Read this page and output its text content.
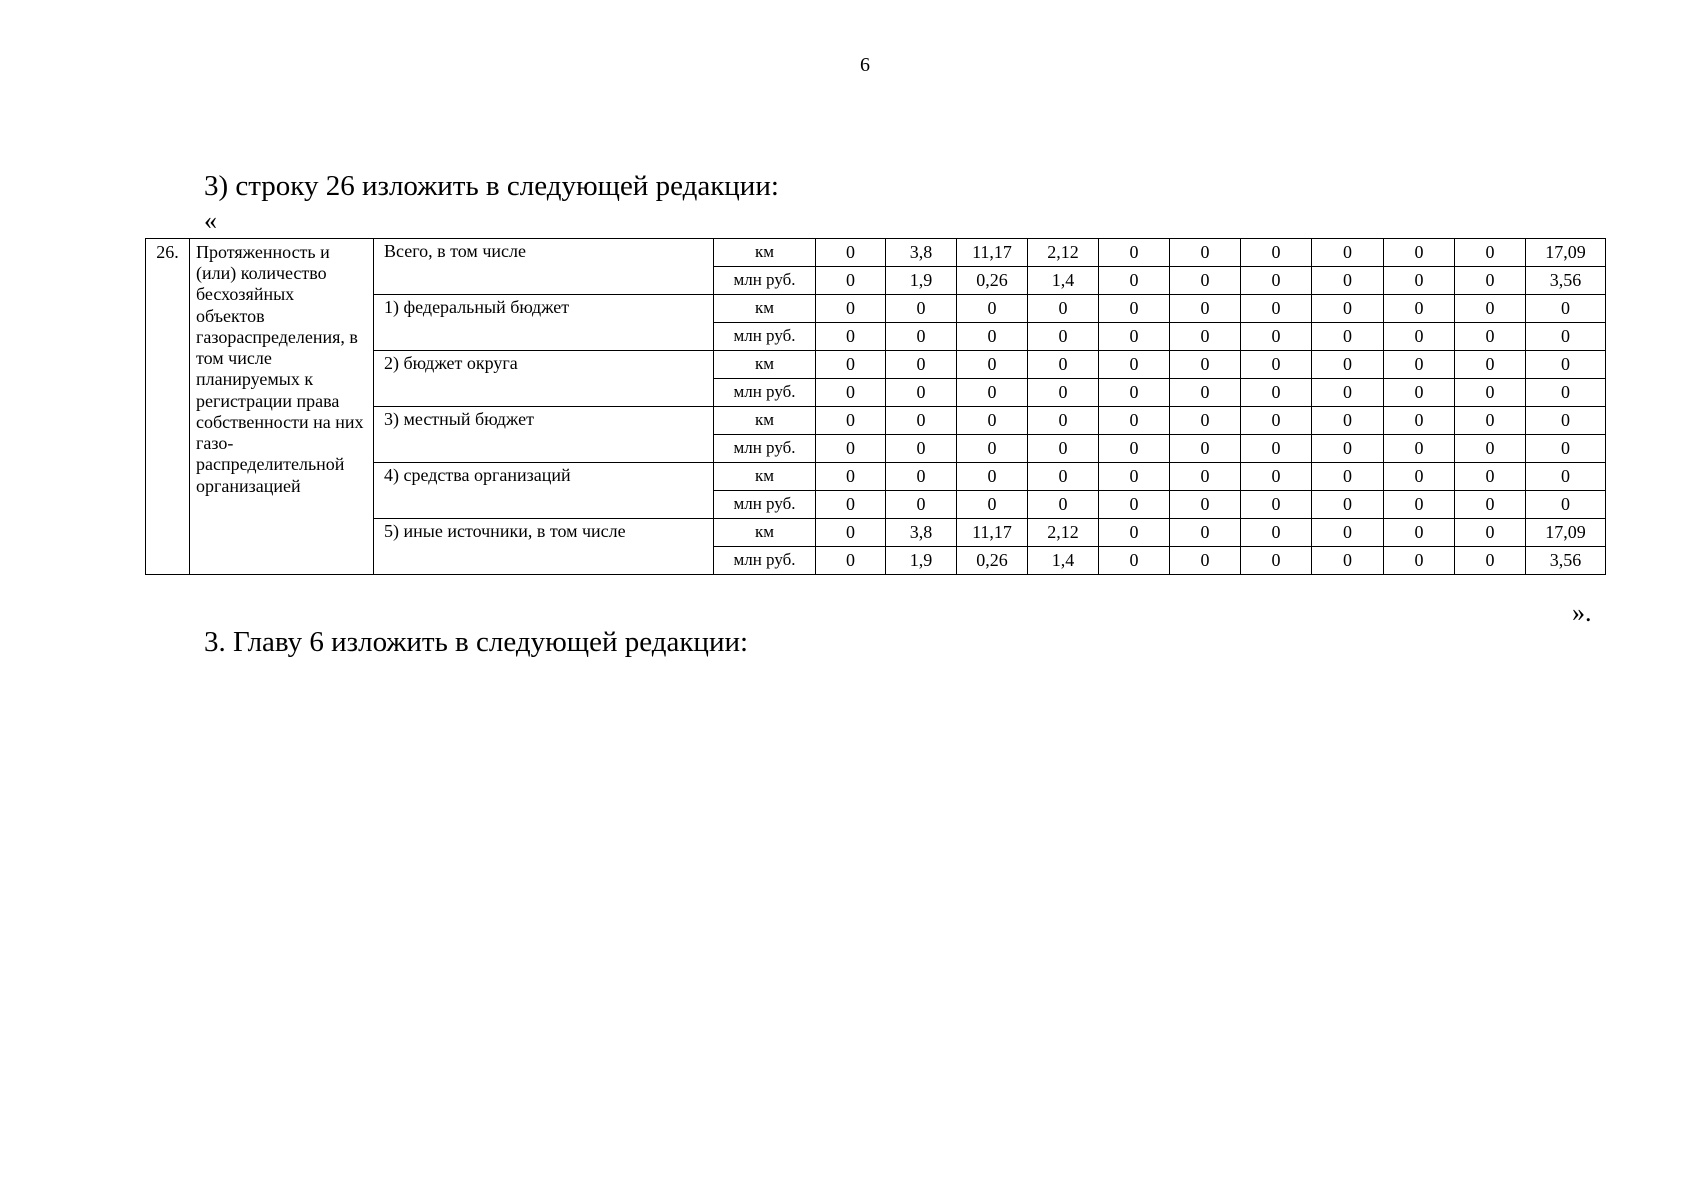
6
3) строку 26 изложить в следующей редакции:
«
26.	Протяженность и (или) количество бесхозяйных объектов газораспределения, в том числе планируемых к регистрации права собственности на них газо-распределительной организацией	Всего, в том числе	км	0	3,8	11,17	2,12	0	0	0	0	0	0	17,09
			млн руб.	0	1,9	0,26	1,4	0	0	0	0	0	0	3,56
		1) федеральный бюджет	км	0	0	0	0	0	0	0	0	0	0	0
			млн руб.	0	0	0	0	0	0	0	0	0	0	0
		2) бюджет округа	км	0	0	0	0	0	0	0	0	0	0	0
			млн руб.	0	0	0	0	0	0	0	0	0	0	0
		3) местный бюджет	км	0	0	0	0	0	0	0	0	0	0	0
			млн руб.	0	0	0	0	0	0	0	0	0	0	0
		4) средства организаций	км	0	0	0	0	0	0	0	0	0	0	0
			млн руб.	0	0	0	0	0	0	0	0	0	0	0
		5) иные источники, в том числе	км	0	3,8	11,17	2,12	0	0	0	0	0	0	17,09
			млн руб.	0	1,9	0,26	1,4	0	0	0	0	0	0	3,56
».
3. Главу 6 изложить в следующей редакции:
